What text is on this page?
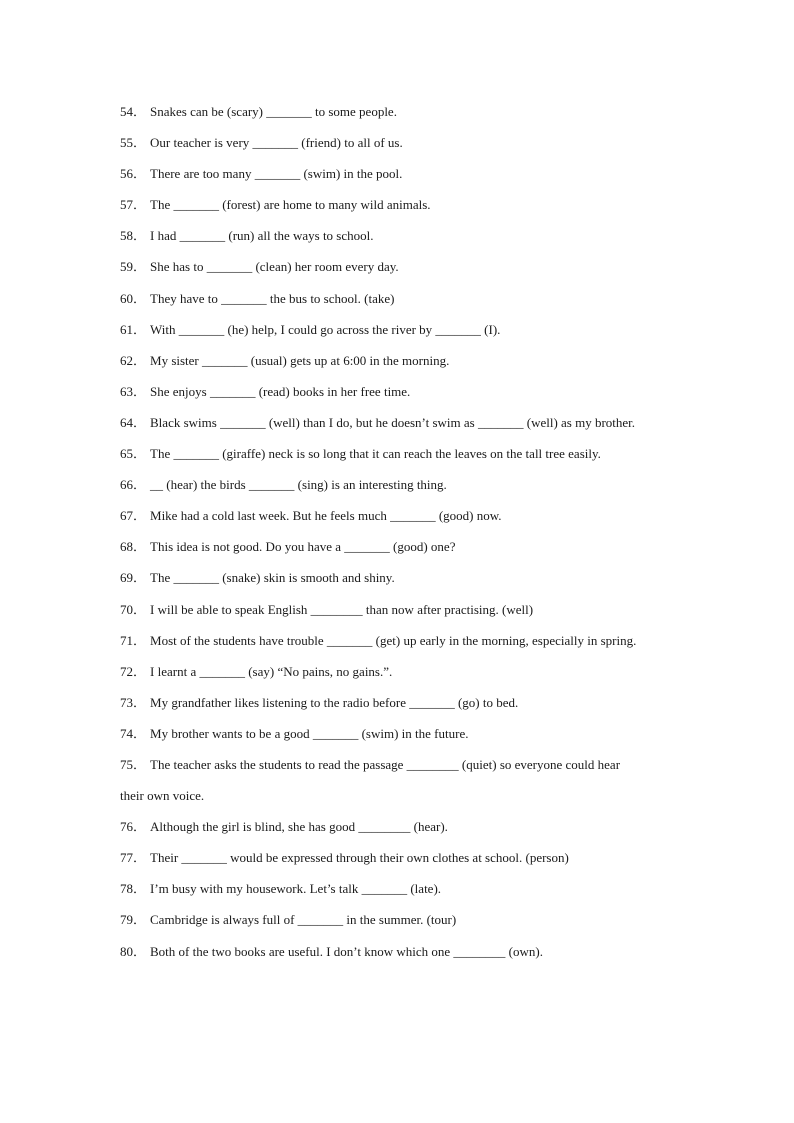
54． Snakes can be (scary) _______ to some people.
55． Our teacher is very _______ (friend) to all of us.
56． There are too many _______ (swim) in the pool.
57． The _______ (forest) are home to many wild animals.
58． I had _______ (run) all the ways to school.
59． She has to _______ (clean) her room every day.
60． They have to _______ the bus to school. (take)
61． With _______ (he) help, I could go across the river by _______ (I).
62． My sister _______ (usual) gets up at 6:00 in the morning.
63． She enjoys _______ (read) books in her free time.
64． Black swims _______ (well) than I do, but he doesn’t swim as _______ (well) as my brother.
65． The _______ (giraffe) neck is so long that it can reach the leaves on the tall tree easily.
66． __ (hear) the birds _______ (sing) is an interesting thing.
67． Mike had a cold last week. But he feels much _______ (good) now.
68． This idea is not good. Do you have a _______ (good) one?
69． The _______ (snake) skin is smooth and shiny.
70． I will be able to speak English ________ than now after practising. (well)
71． Most of the students have trouble _______ (get) up early in the morning, especially in spring.
72． I learnt a _______ (say) “No pains, no gains.”.
73． My grandfather likes listening to the radio before _______ (go) to bed.
74． My brother wants to be a good _______ (swim) in the future.
75． The teacher asks the students to read the passage ________ (quiet) so everyone could hear
their own voice.
76． Although the girl is blind, she has good ________ (hear).
77． Their _______ would be expressed through their own clothes at school. (person)
78． I’m busy with my housework. Let’s talk _______ (late).
79． Cambridge is always full of _______ in the summer. (tour)
80． Both of the two books are useful. I don’t know which one ________ (own).
